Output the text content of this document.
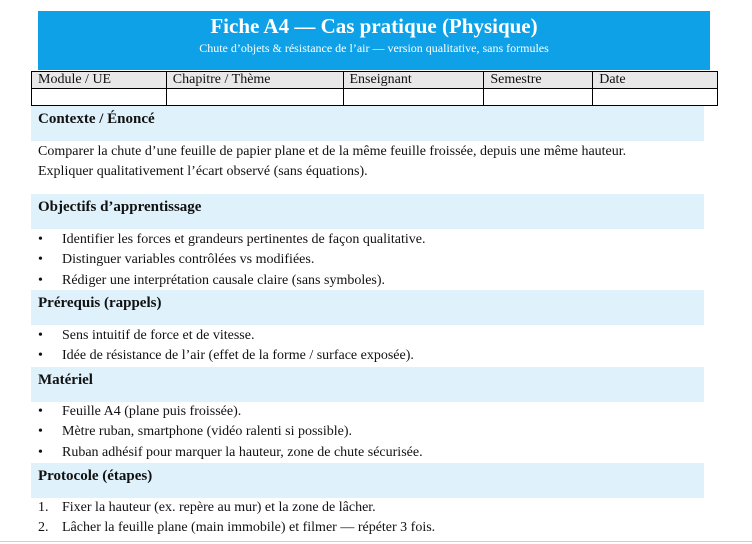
Fiche A4 — Cas pratique (Physique)
Chute d’objets & résistance de l’air — version qualitative, sans formules
Module / UE	Chapitre / Thème	Enseignant	Semestre	Date

Contexte / Énoncé
Comparer la chute d’une feuille de papier plane et de la même feuille froissée, depuis une même hauteur.
Expliquer qualitativement l’écart observé (sans équations).
Objectifs d’apprentissage
•	Identifier les forces et grandeurs pertinentes de façon qualitative.
•	Distinguer variables contrôlées vs modifiées.
•	Rédiger une interprétation causale claire (sans symboles).
Prérequis (rappels)
•	Sens intuitif de force et de vitesse.
•	Idée de résistance de l’air (effet de la forme / surface exposée).
Matériel
•	Feuille A4 (plane puis froissée).
•	Mètre ruban, smartphone (vidéo ralenti si possible).
•	Ruban adhésif pour marquer la hauteur, zone de chute sécurisée.
Protocole (étapes)
1. Fixer la hauteur (ex. repère au mur) et la zone de lâcher.
2. Lâcher la feuille plane (main immobile) et filmer — répéter 3 fois.
